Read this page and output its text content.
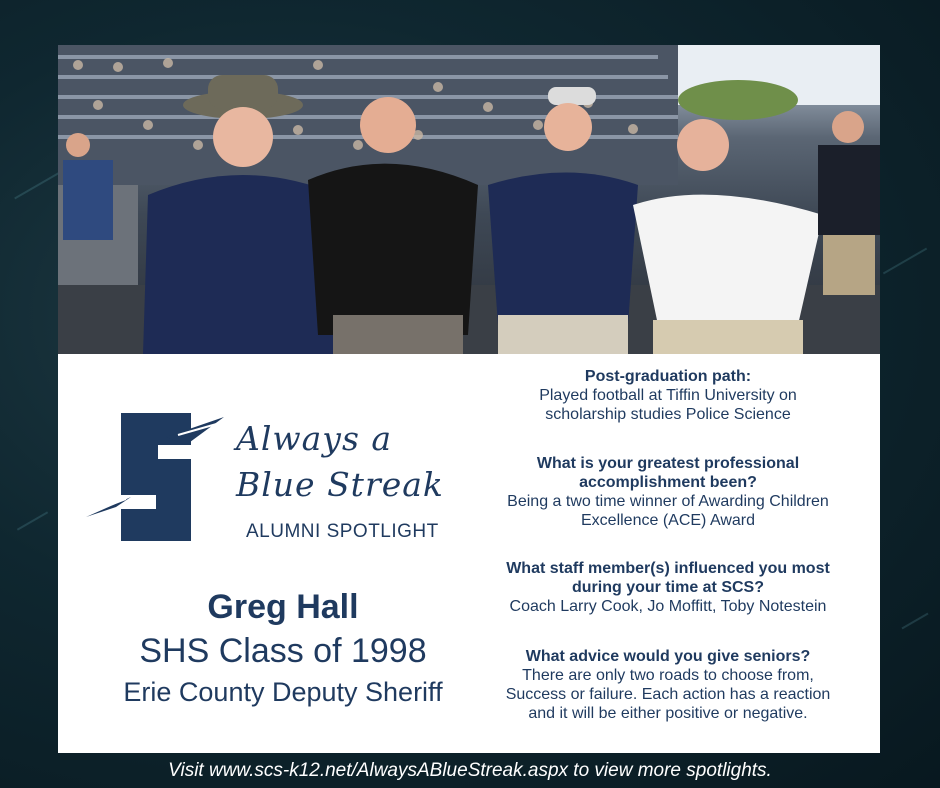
Always a
Blue Streak
ALUMNI SPOTLIGHT
Greg Hall
SHS Class of 1998
Erie County Deputy Sheriff
Post-graduation path:
Played football at Tiffin University on scholarship studies Police Science
What is your greatest professional accomplishment been?
Being a two time winner of Awarding Children Excellence (ACE) Award
What staff member(s) influenced you most during your time at SCS?
Coach Larry Cook, Jo Moffitt, Toby Notestein
What advice would you give seniors?
There are only two roads to choose from, Success or failure. Each action has a reaction and it will be either positive or negative.
Visit www.scs-k12.net/AlwaysABlueStreak.aspx to view more spotlights.
